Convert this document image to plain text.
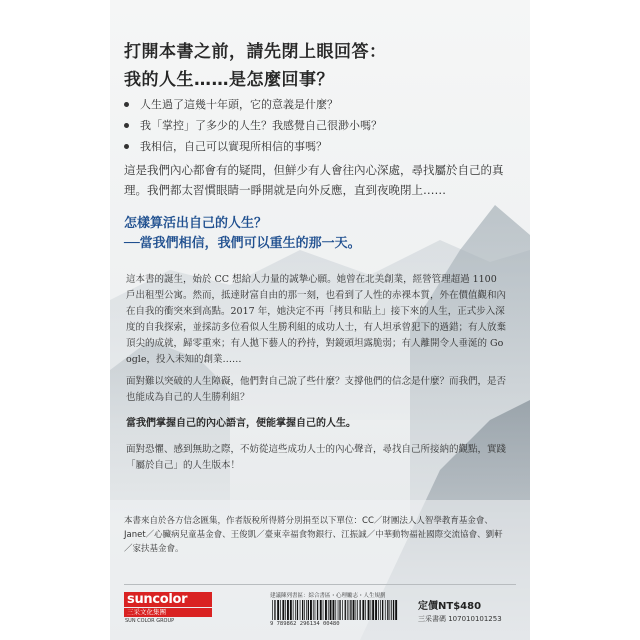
打開本書之前，請先閉上眼回答：
我的人生……是怎麼回事？
人生過了這幾十年頭，它的意義是什麼？
我「掌控」了多少的人生？我感覺自己很渺小嗎？
我相信，自己可以實現所相信的事嗎？

這是我們內心都會有的疑問，但鮮少有人會往內心深處，尋找屬於自己的真理。我們都太習慣眼睛一睜開就是向外反應，直到夜晚閉上……

怎樣算活出自己的人生？
──當我們相信，我們可以重生的那一天。

這本書的誕生，始於 CC 想給人力量的誠摯心願。她曾在北美創業，經營管理超過 1100 戶出租型公寓。然而，抵達財富自由的那一刻，也看到了人性的赤裸本質，外在價值觀和內在自我的衝突來到高點。2017 年，她決定不再「拷貝和貼上」接下來的人生，正式步入深度的自我探索，並採訪多位看似人生勝利組的成功人士，有人坦承曾犯下的過錯；有人放棄頂尖的成就，歸零重來；有人拋下藝人的矜持，對鏡頭坦露脆弱；有人離開令人垂涎的 Google，投入未知的創業……

面對難以突破的人生障礙，他們對自己說了些什麼？支撐他們的信念是什麼？而我們，是否也能成為自己的人生勝利組？

當我們掌握自己的內心語言，便能掌握自己的人生。

面對恐懼、感到無助之際，不妨從這些成功人士的內心聲音，尋找自己所接納的觀點，實踐「屬於自己」的人生版本！

本書來自於各方信念匯集，作者版稅所得將分別捐至以下單位：CC／財團法人人智學教育基金會、Janet／心臟病兒童基金會、王俊凱／臺東幸福食物銀行、江振誠／中華動物福祉國際交流協會、劉軒／家扶基金會。

suncolor
三采文化集團
SUN COLOR GROUP
建議陳列書區：綜合書區・心理勵志・人生規劃
9 789862 296134 00480
定價NT$480
三采書碼 107010101253
